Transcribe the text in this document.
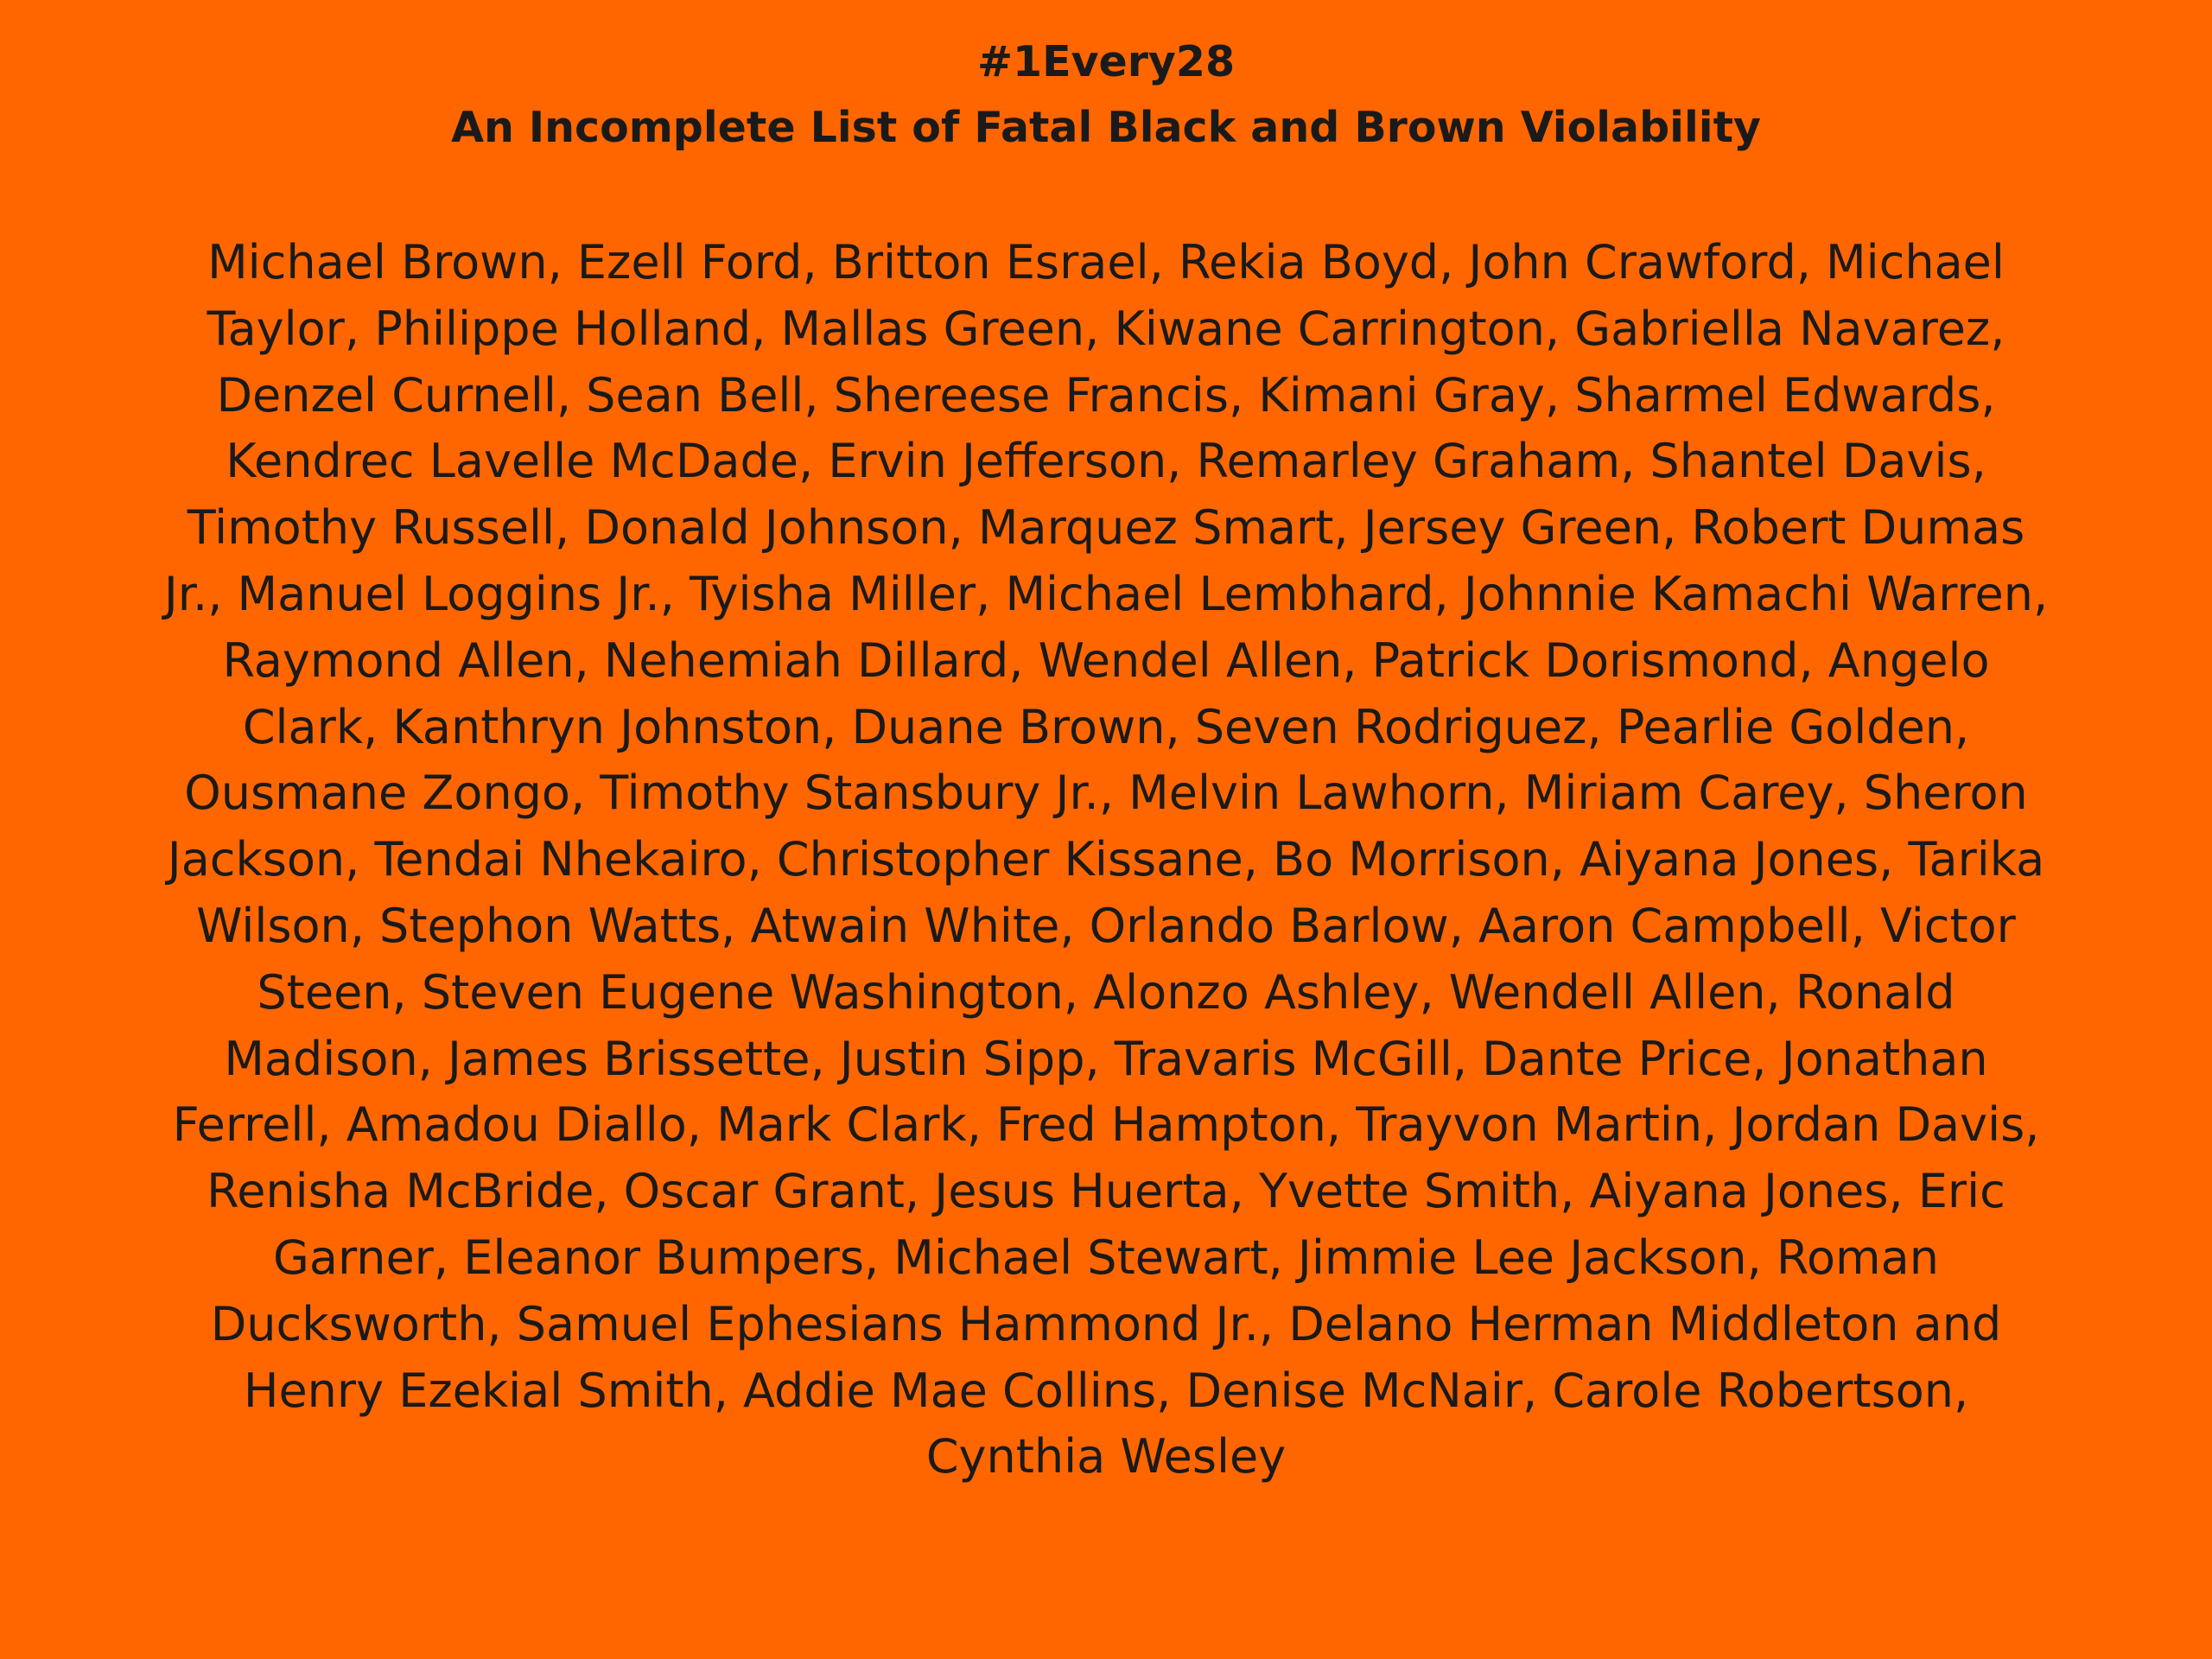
#1Every28
An Incomplete List of Fatal Black and Brown Violability
Michael Brown, Ezell Ford, Britton Esrael, Rekia Boyd, John Crawford, Michael
Taylor, Philippe Holland, Mallas Green, Kiwane Carrington, Gabriella Navarez,
Denzel Curnell, Sean Bell, Shereese Francis, Kimani Gray, Sharmel Edwards,
Kendrec Lavelle McDade, Ervin Jefferson, Remarley Graham, Shantel Davis,
Timothy Russell, Donald Johnson, Marquez Smart, Jersey Green, Robert Dumas
Jr., Manuel Loggins Jr., Tyisha Miller, Michael Lembhard, Johnnie Kamachi Warren,
Raymond Allen, Nehemiah Dillard, Wendel Allen, Patrick Dorismond, Angelo
Clark, Kanthryn Johnston, Duane Brown, Seven Rodriguez, Pearlie Golden,
Ousmane Zongo, Timothy Stansbury Jr., Melvin Lawhorn, Miriam Carey, Sheron
Jackson, Tendai Nhekairo, Christopher Kissane, Bo Morrison, Aiyana Jones, Tarika
Wilson, Stephon Watts, Atwain White, Orlando Barlow, Aaron Campbell, Victor
Steen, Steven Eugene Washington, Alonzo Ashley, Wendell Allen, Ronald
Madison, James Brissette, Justin Sipp, Travaris McGill, Dante Price, Jonathan
Ferrell, Amadou Diallo, Mark Clark, Fred Hampton, Trayvon Martin, Jordan Davis,
Renisha McBride, Oscar Grant, Jesus Huerta, Yvette Smith, Aiyana Jones, Eric
Garner, Eleanor Bumpers, Michael Stewart, Jimmie Lee Jackson, Roman
Ducksworth, Samuel Ephesians Hammond Jr., Delano Herman Middleton and
Henry Ezekial Smith, Addie Mae Collins, Denise McNair, Carole Robertson,
Cynthia Wesley
